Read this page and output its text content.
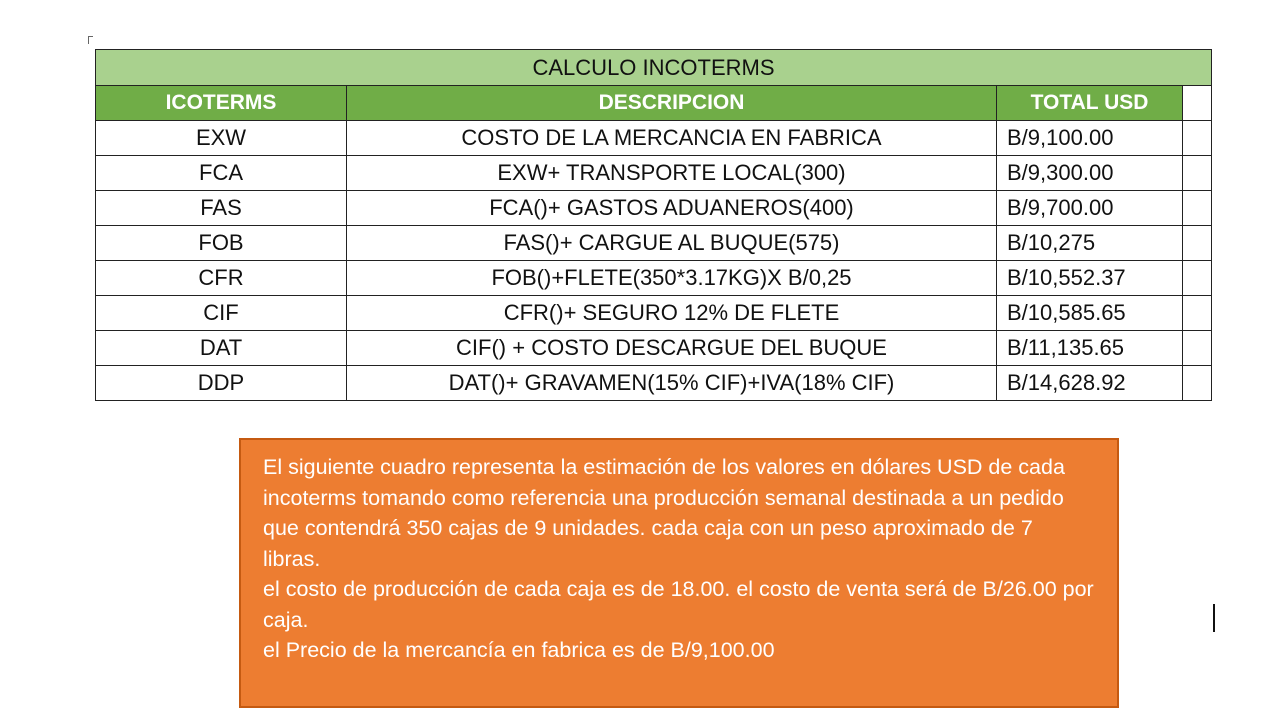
CALCULO INCOTERMS			
ICOTERMS	DESCRIPCION	TOTAL USD	
EXW	COSTO DE LA MERCANCIA EN FABRICA	B/9,100.00	
FCA	EXW+ TRANSPORTE LOCAL(300)	B/9,300.00	
FAS	FCA()+ GASTOS ADUANEROS(400)	B/9,700.00	
FOB	FAS()+ CARGUE AL BUQUE(575)	B/10,275	
CFR	FOB()+FLETE(350*3.17KG)X B/0,25	B/10,552.37	
CIF	CFR()+ SEGURO 12% DE FLETE	B/10,585.65	
DAT	CIF() + COSTO DESCARGUE DEL BUQUE	B/11,135.65	
DDP	DAT()+ GRAVAMEN(15% CIF)+IVA(18% CIF)	B/14,628.92	

El siguiente cuadro representa la estimación de los valores en dólares USD de cada incoterms tomando como referencia una producción semanal destinada a un pedido que contendrá 350 cajas de 9 unidades. cada caja con un peso aproximado de 7 libras.

el costo de producción de cada caja es de 18.00. el costo de venta será de B/26.00 por caja.

el Precio de la mercancía en fabrica es de B/9,100.00
